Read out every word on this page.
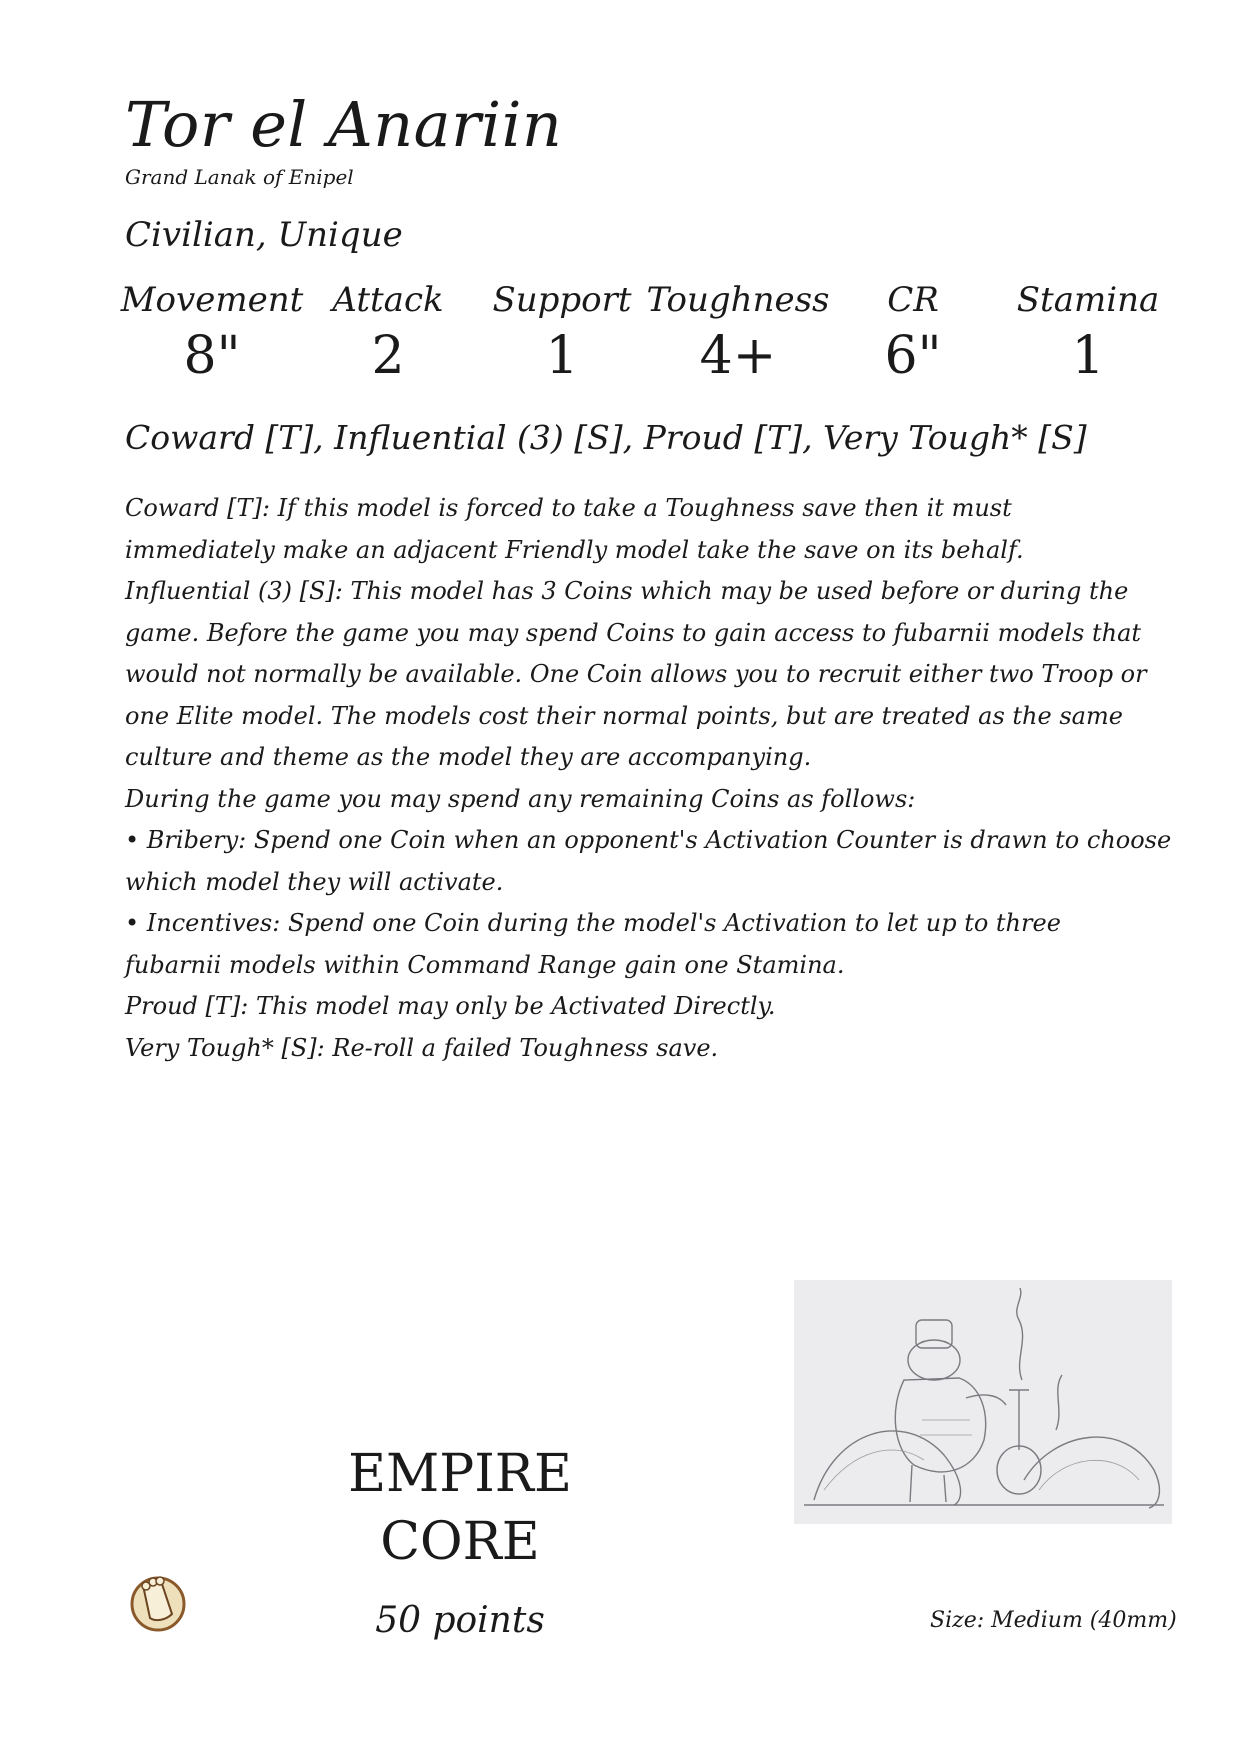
Tor el Anariin
Grand Lanak of Enipel
Civilian, Unique
Movement
8"
Attack
2
Support
1
Toughness
4+
CR
6"
Stamina
1
Coward [T], Influential (3) [S], Proud [T], Very Tough* [S]
Coward [T]: If this model is forced to take a Toughness save then it must
immediately make an adjacent Friendly model take the save on its behalf.
Influential (3) [S]: This model has 3 Coins which may be used before or during the
game. Before the game you may spend Coins to gain access to fubarnii models that
would not normally be available. One Coin allows you to recruit either two Troop or
one Elite model. The models cost their normal points, but are treated as the same
culture and theme as the model they are accompanying.
During the game you may spend any remaining Coins as follows:
• Bribery: Spend one Coin when an opponent's Activation Counter is drawn to choose
which model they will activate.
• Incentives: Spend one Coin during the model's Activation to let up to three
fubarnii models within Command Range gain one Stamina.
Proud [T]: This model may only be Activated Directly.
Very Tough* [S]: Re-roll a failed Toughness save.
EMPIRE
CORE
50 points	Size: Medium (40mm)
